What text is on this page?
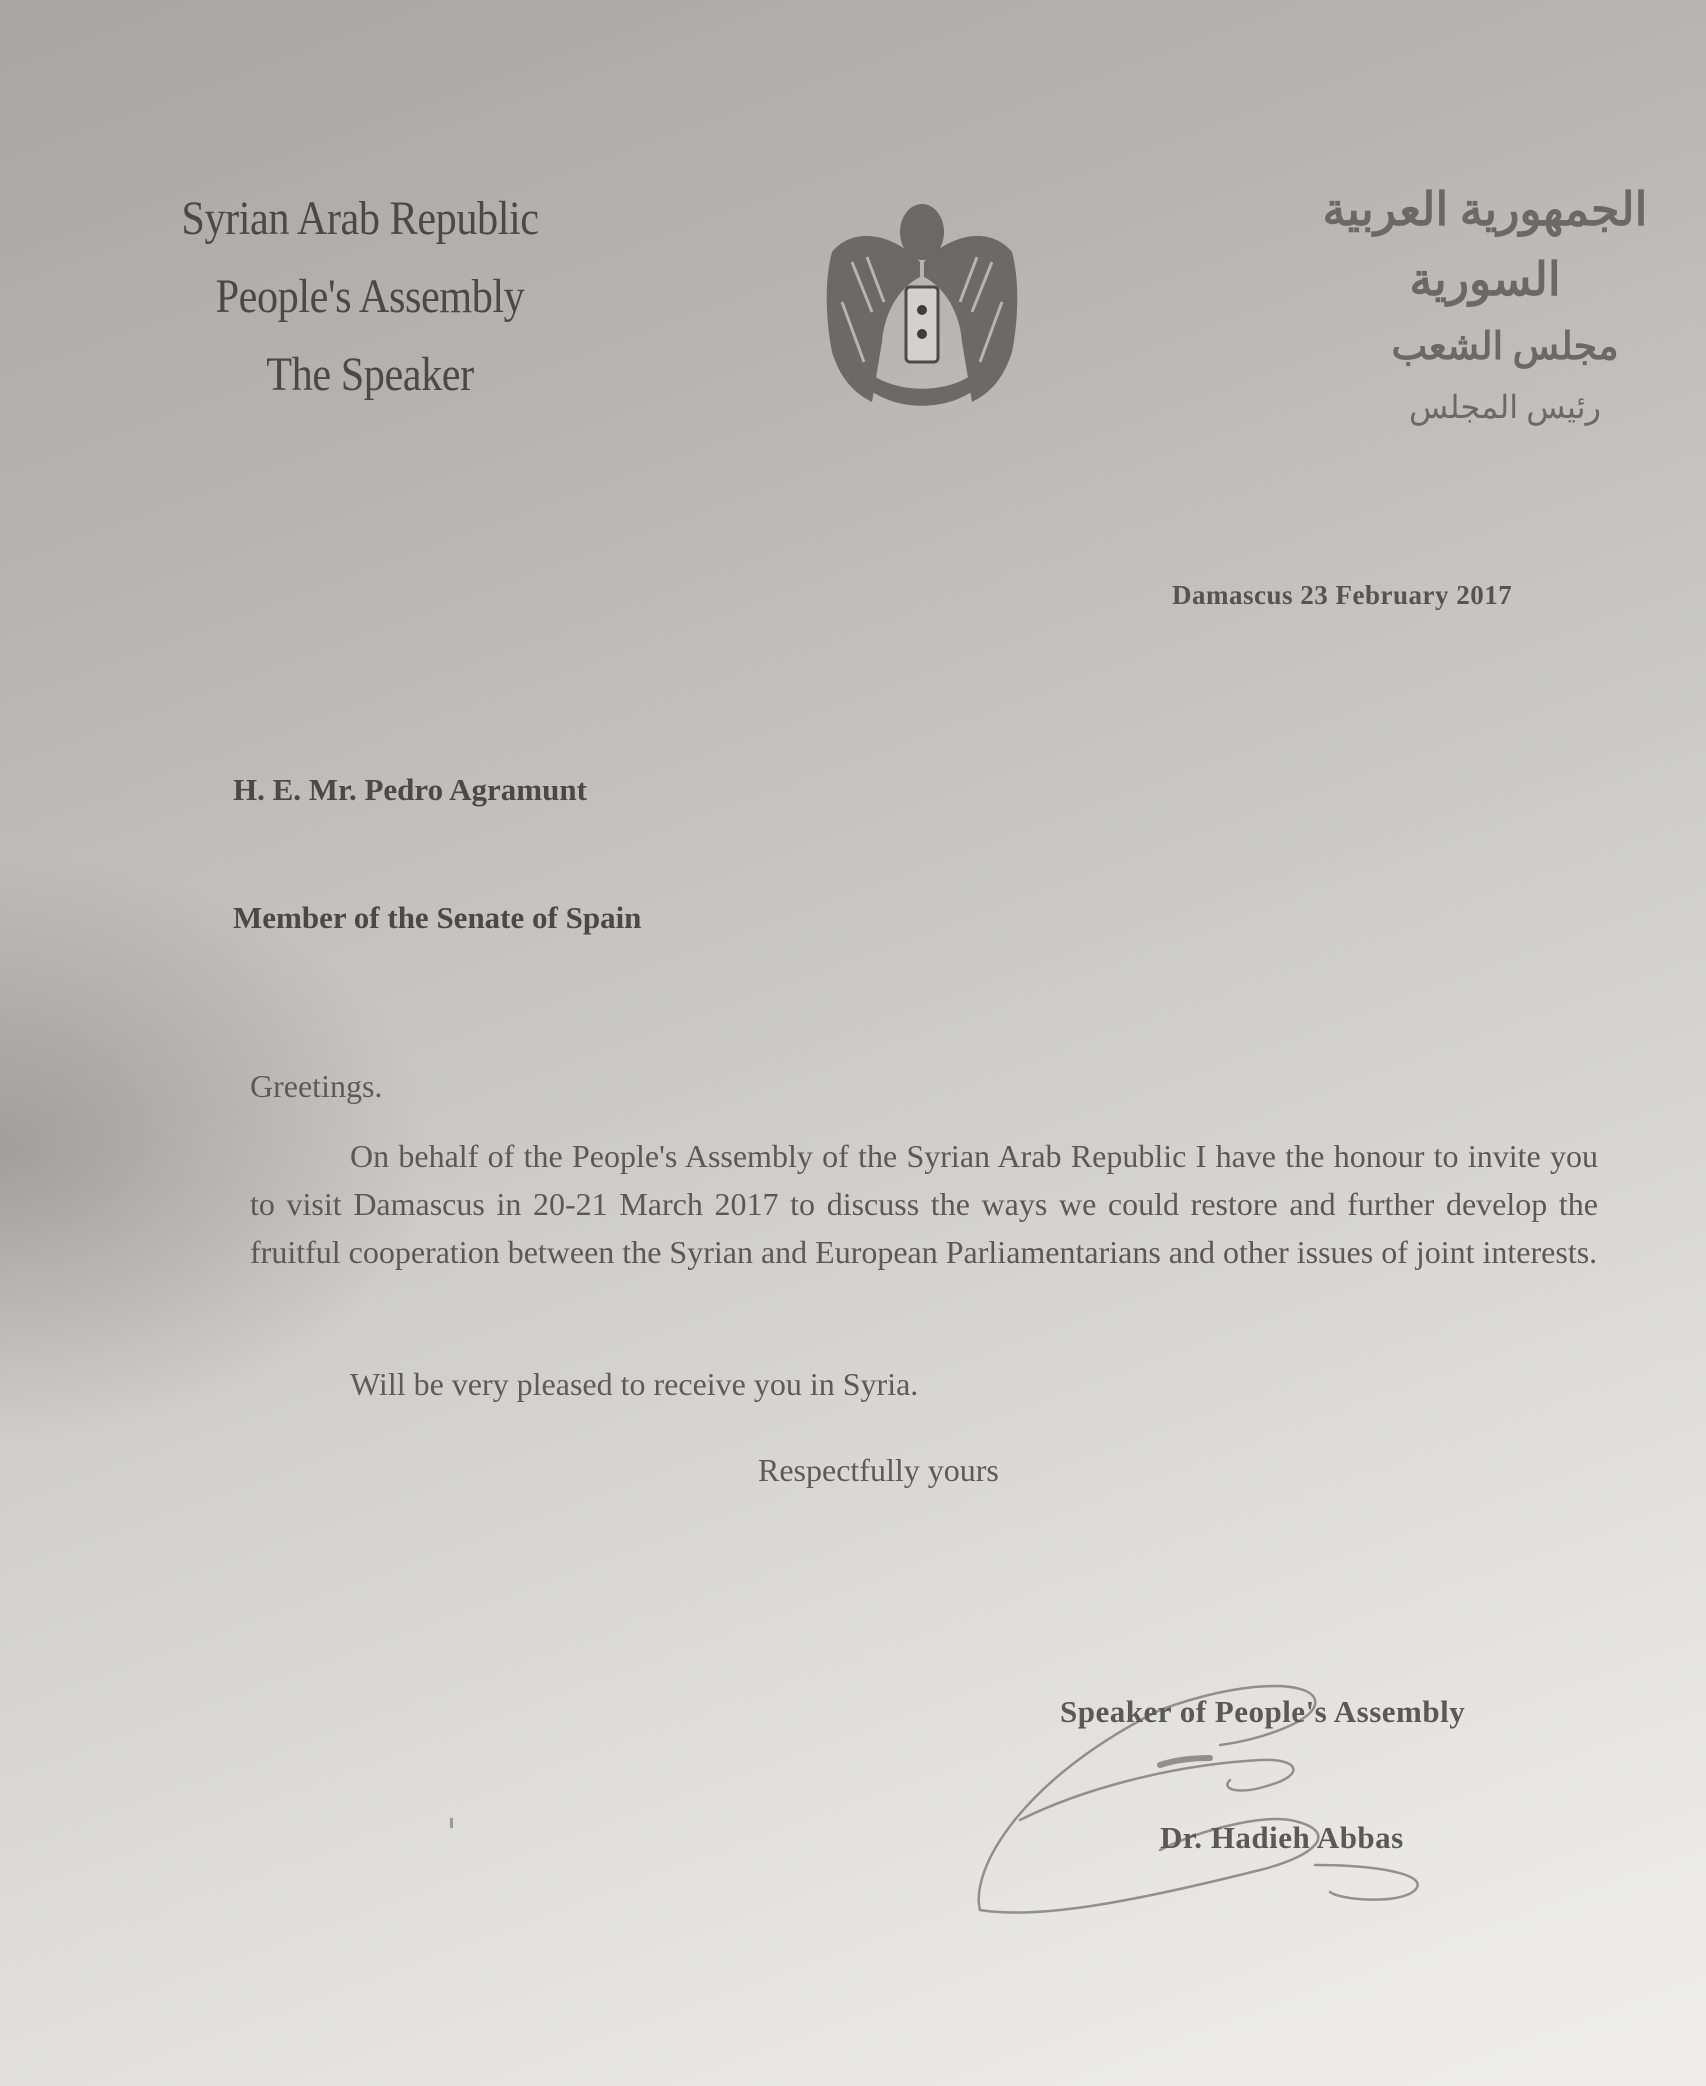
Syrian Arab Republic
People's Assembly
The Speaker
الجمهورية العربية السورية
مجلس الشعب
رئيس المجلس
Damascus 23 February 2017
H. E. Mr. Pedro Agramunt
Member of the Senate of Spain
Greetings.
On behalf of the People's Assembly of the Syrian Arab Republic I have the honour to invite you to visit Damascus in 20-21 March 2017 to discuss the ways we could restore and further develop the fruitful cooperation between the Syrian and European Parliamentarians and other issues of joint interests.
Will be very pleased to receive you in Syria.
Respectfully yours
Speaker of People's Assembly
Dr. Hadieh Abbas
